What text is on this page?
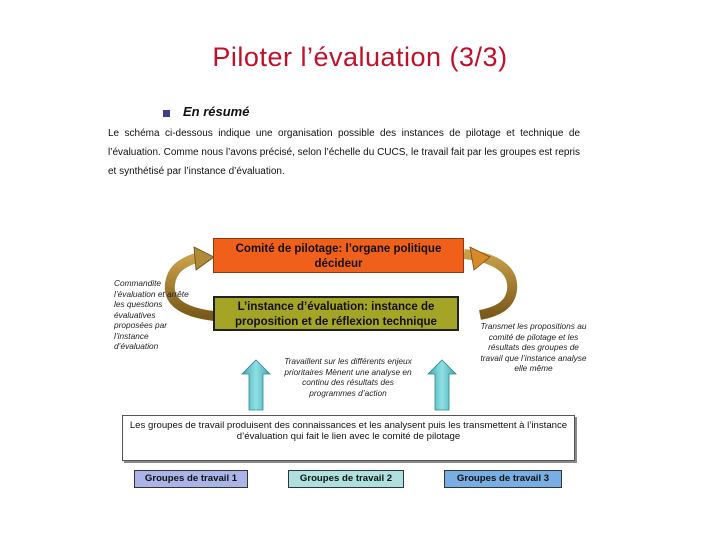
Piloter l’évaluation (3/3)
En résumé
Le schéma ci-dessous indique une organisation possible des instances de pilotage et technique de l’évaluation. Comme nous l’avons précisé, selon l’échelle du CUCS, le travail fait par les groupes est repris et synthétisé par l’instance d’évaluation.
Comité de pilotage: l’organe politique décideur
L’instance d’évaluation: instance de proposition et de réflexion technique
Commandite l’évaluation et arrête les questions évaluatives proposées par l’instance d’évaluation
Transmet les propositions au comité de pilotage et les résultats des groupes de travail que l’instance analyse elle même
Travaillent sur les différents enjeux prioritaires Mènent une analyse en continu des résultats des programmes d’action
Les groupes de travail produisent des connaissances et les analysent puis les transmettent à l’instance d’évaluation qui fait le lien avec le comité de pilotage
Groupes de travail 1	Groupes de travail 2	Groupes de travail 3
